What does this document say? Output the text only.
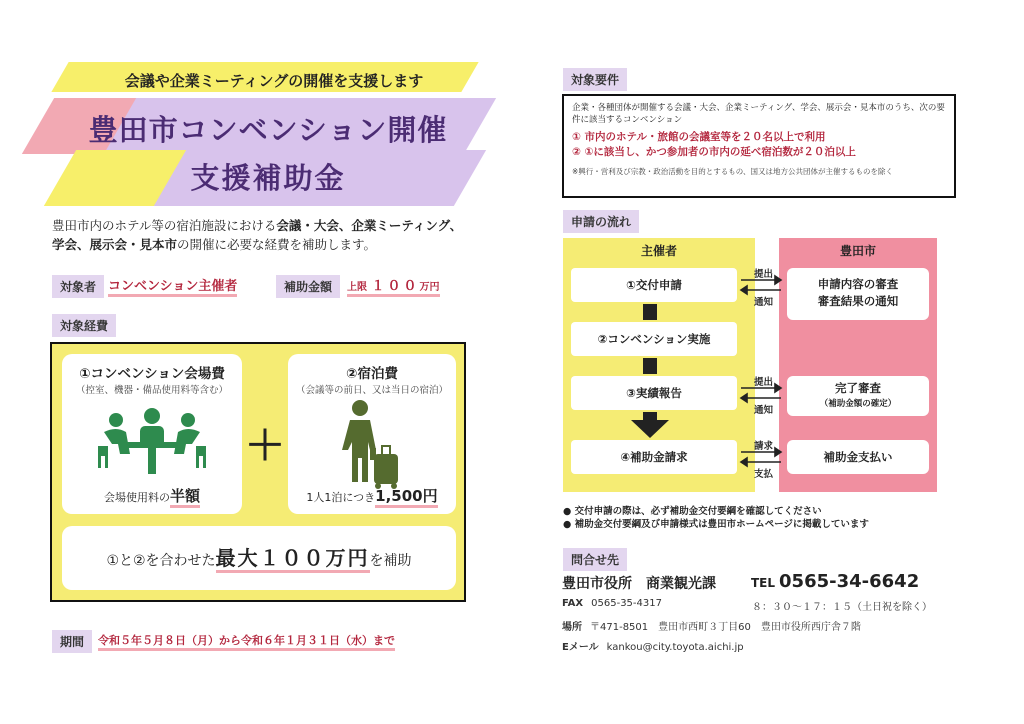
会議や企業ミーティングの開催を支援します
豊田市コンベンション開催
支援補助金
豊田市内のホテル等の宿泊施設における会議・大会、企業ミーティング、
学会、展示会・見本市の開催に必要な経費を補助します。
対象者 コンベンション主催者	補助金額	上限 １００万円
対象経費
①コンベンション会場費
（控室、機器・備品使用料等含む）
会場使用料の半額
＋
②宿泊費
（会議等の前日、又は当日の宿泊）
1人1泊につき1,500円
①と②を合わせた最大１００万円を補助
期間	令和５年５月８日（月）から令和６年１月３１日（水）まで
対象要件
企業・各種団体が開催する会議・大会、企業ミーティング、学会、展示会・見本市のうち、次の要件に該当するコンベンション
① 市内のホテル・旅館の会議室等を２０名以上で利用
② ①に該当し、かつ参加者の市内の延べ宿泊数が２０泊以上
※興行・営利及び宗教・政治活動を目的とするもの、国又は地方公共団体が主催するものを除く
申請の流れ
主催者
①交付申請
②コンベンション実施
③実績報告
④補助金請求
豊田市
申請内容の審査
審査結果の通知
完了審査
（補助金額の確定）
補助金支払い
提出
通知
提出
通知
請求
支払
● 交付申請の際は、必ず補助金交付要綱を確認してください
● 補助金交付要綱及び申請様式は豊田市ホームページに掲載しています
問合せ先
豊田市役所　商業観光課	TEL 0565-34-6642
FAX 0565-35-4317	８：３０～１７：１５（土日祝を除く）
場所 〒471-8501　豊田市西町３丁目60　豊田市役所西庁舎７階
Eメール kankou@city.toyota.aichi.jp
